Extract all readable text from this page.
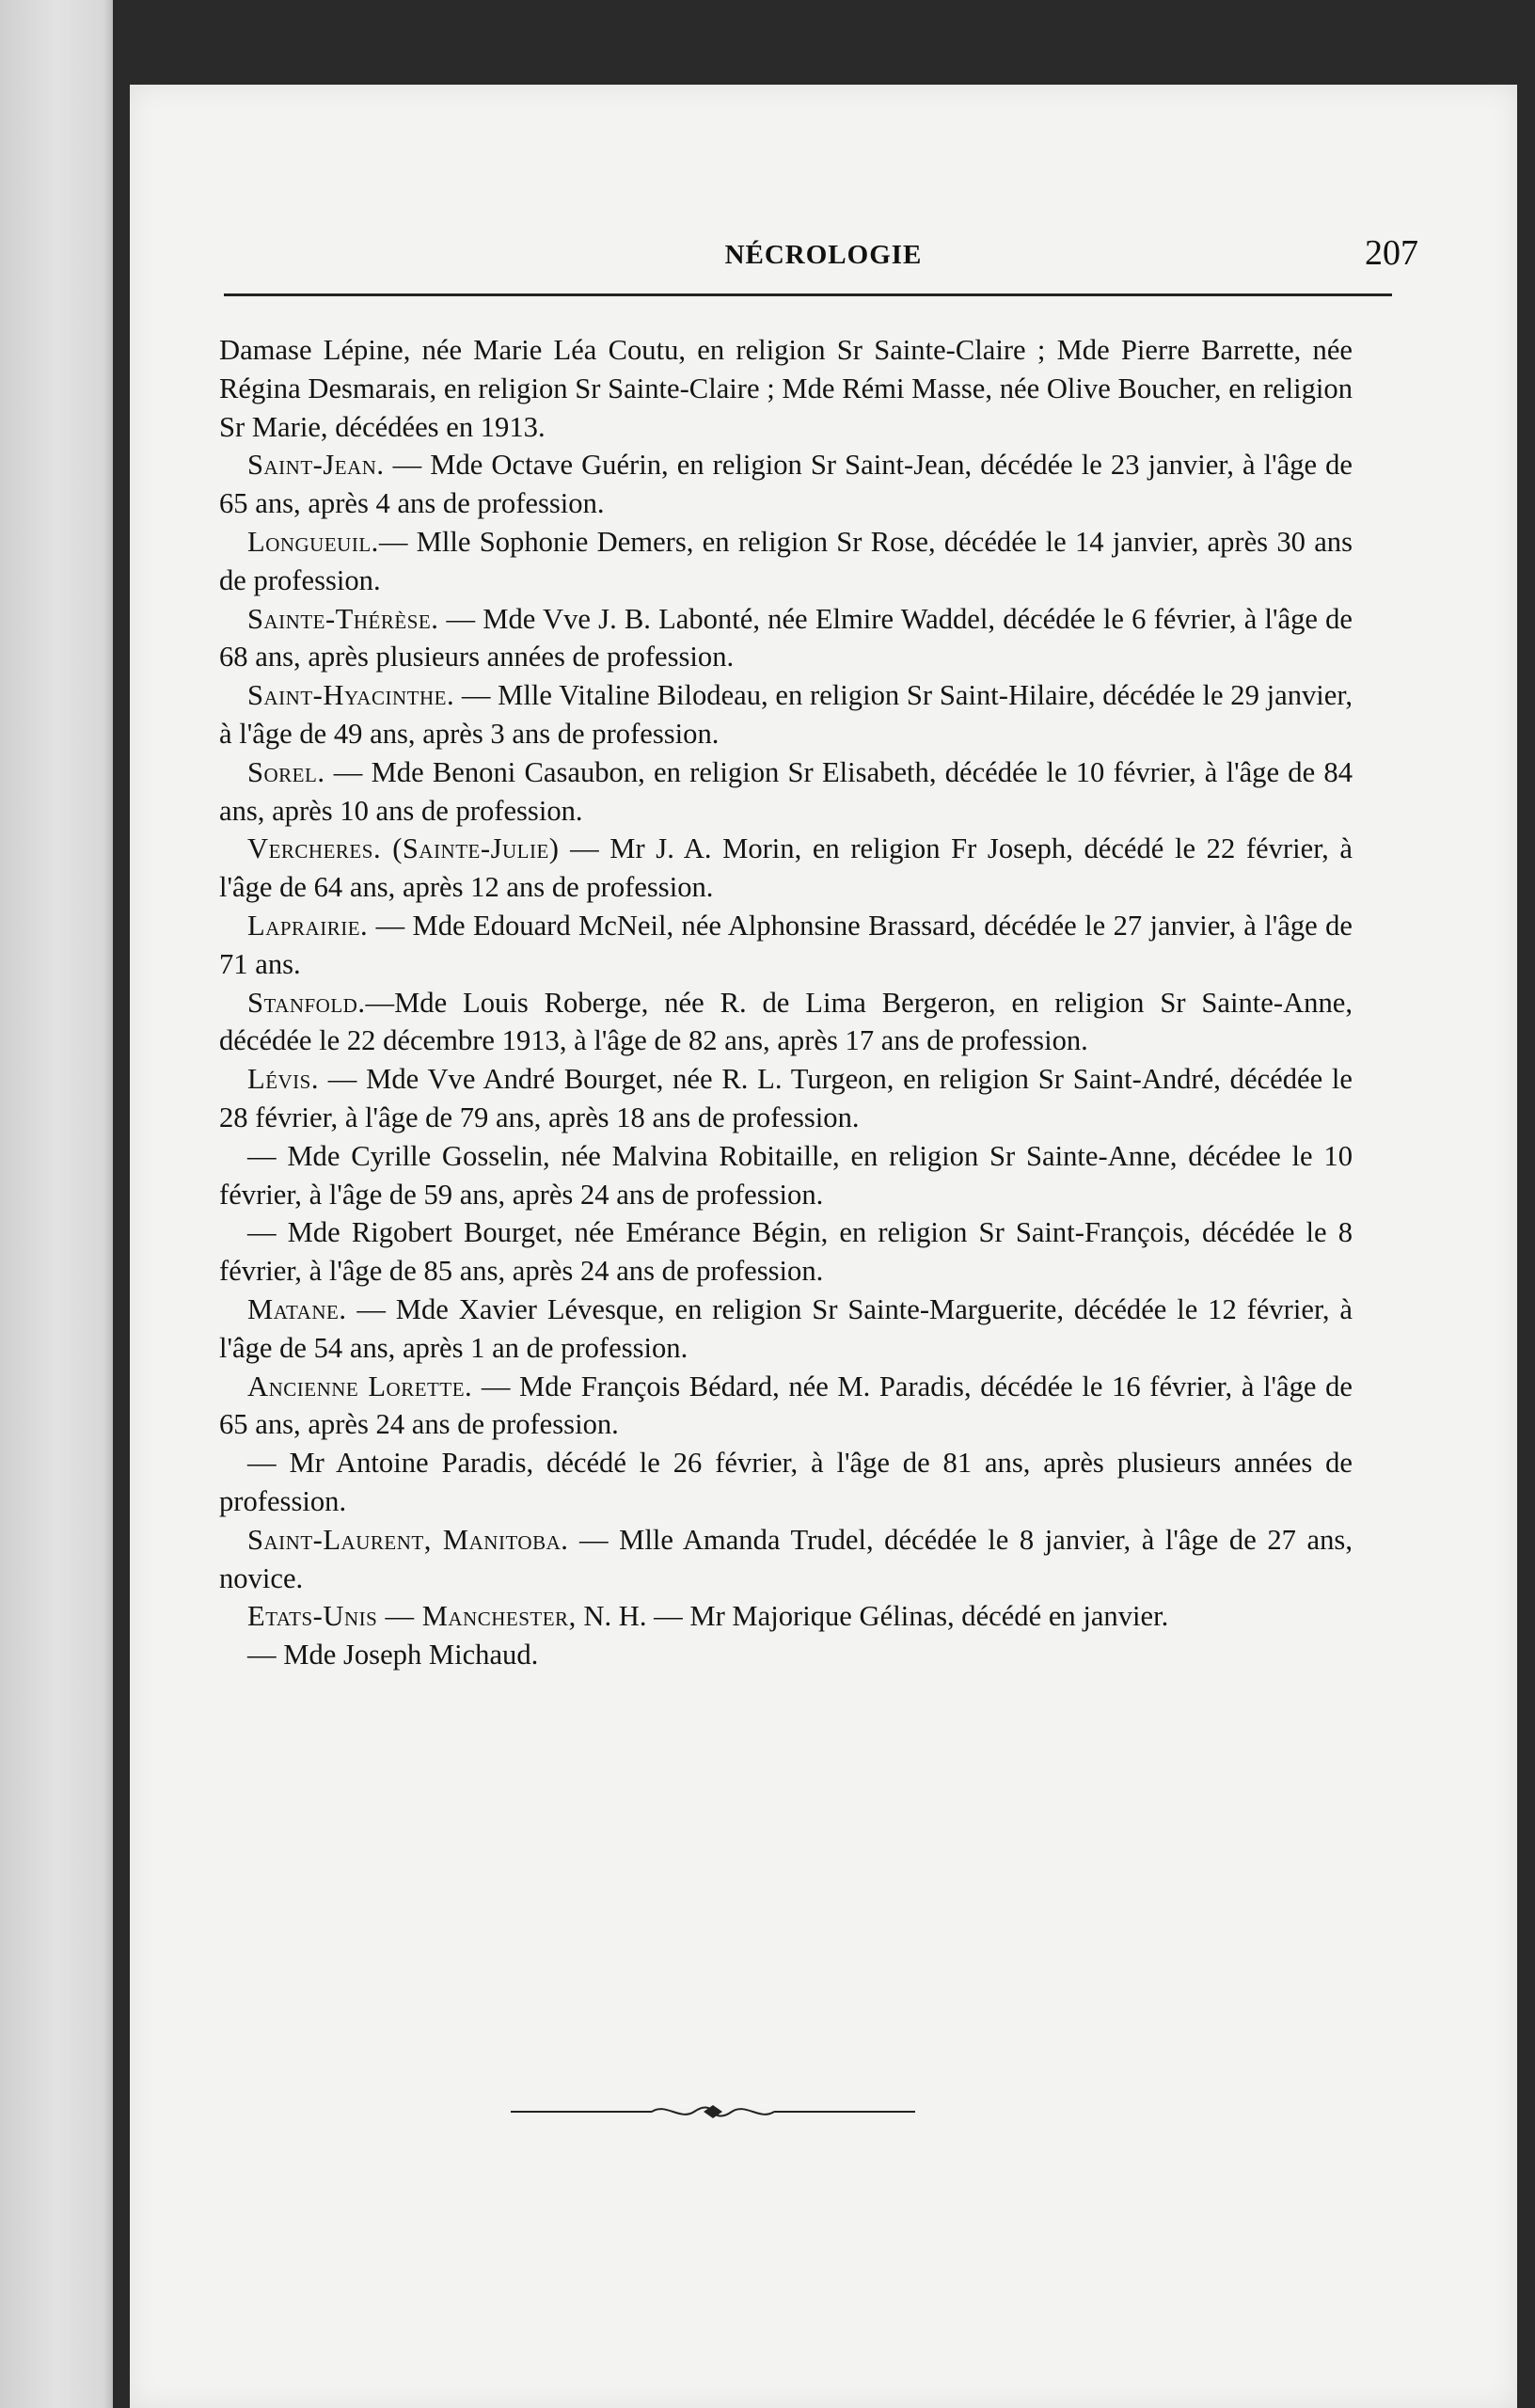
NÉCROLOGIE	207

Damase Lépine, née Marie Léa Coutu, en religion Sr Sainte-Claire ; Mde Pierre Barrette, née Régina Desmarais, en religion Sr Sainte-Claire ; Mde Rémi Masse, née Olive Boucher, en religion Sr Marie, décédées en 1913.

Saint-Jean. — Mde Octave Guérin, en religion Sr Saint-Jean, décédée le 23 janvier, à l'âge de 65 ans, après 4 ans de profession.

Longueuil.— Mlle Sophonie Demers, en religion Sr Rose, décédée le 14 janvier, après 30 ans de profession.

Sainte-Thérèse. — Mde Vve J. B. Labonté, née Elmire Waddel, décédée le 6 février, à l'âge de 68 ans, après plusieurs années de profession.

Saint-Hyacinthe. — Mlle Vitaline Bilodeau, en religion Sr Saint-Hilaire, décédée le 29 janvier, à l'âge de 49 ans, après 3 ans de profession.

Sorel. — Mde Benoni Casaubon, en religion Sr Elisabeth, décédée le 10 février, à l'âge de 84 ans, après 10 ans de profession.

Vercheres. (Sainte-Julie) — Mr J. A. Morin, en religion Fr Joseph, décédé le 22 février, à l'âge de 64 ans, après 12 ans de profession.

Laprairie. — Mde Edouard McNeil, née Alphonsine Brassard, décédée le 27 janvier, à l'âge de 71 ans.

Stanfold.—Mde Louis Roberge, née R. de Lima Bergeron, en religion Sr Sainte-Anne, décédée le 22 décembre 1913, à l'âge de 82 ans, après 17 ans de profession.

Lévis. — Mde Vve André Bourget, née R. L. Turgeon, en religion Sr Saint-André, décédée le 28 février, à l'âge de 79 ans, après 18 ans de profession.

— Mde Cyrille Gosselin, née Malvina Robitaille, en religion Sr Sainte-Anne, décédee le 10 février, à l'âge de 59 ans, après 24 ans de profession.

— Mde Rigobert Bourget, née Emérance Bégin, en religion Sr Saint-François, décédée le 8 février, à l'âge de 85 ans, après 24 ans de profession.

Matane. — Mde Xavier Lévesque, en religion Sr Sainte-Marguerite, décédée le 12 février, à l'âge de 54 ans, après 1 an de profession.

Ancienne Lorette. — Mde François Bédard, née M. Paradis, décédée le 16 février, à l'âge de 65 ans, après 24 ans de profession.

— Mr Antoine Paradis, décédé le 26 février, à l'âge de 81 ans, après plusieurs années de profession.

Saint-Laurent, Manitoba. — Mlle Amanda Trudel, décédée le 8 janvier, à l'âge de 27 ans, novice.

Etats-Unis — Manchester, N. H. — Mr Majorique Gélinas, décédé en janvier.

— Mde Joseph Michaud.
